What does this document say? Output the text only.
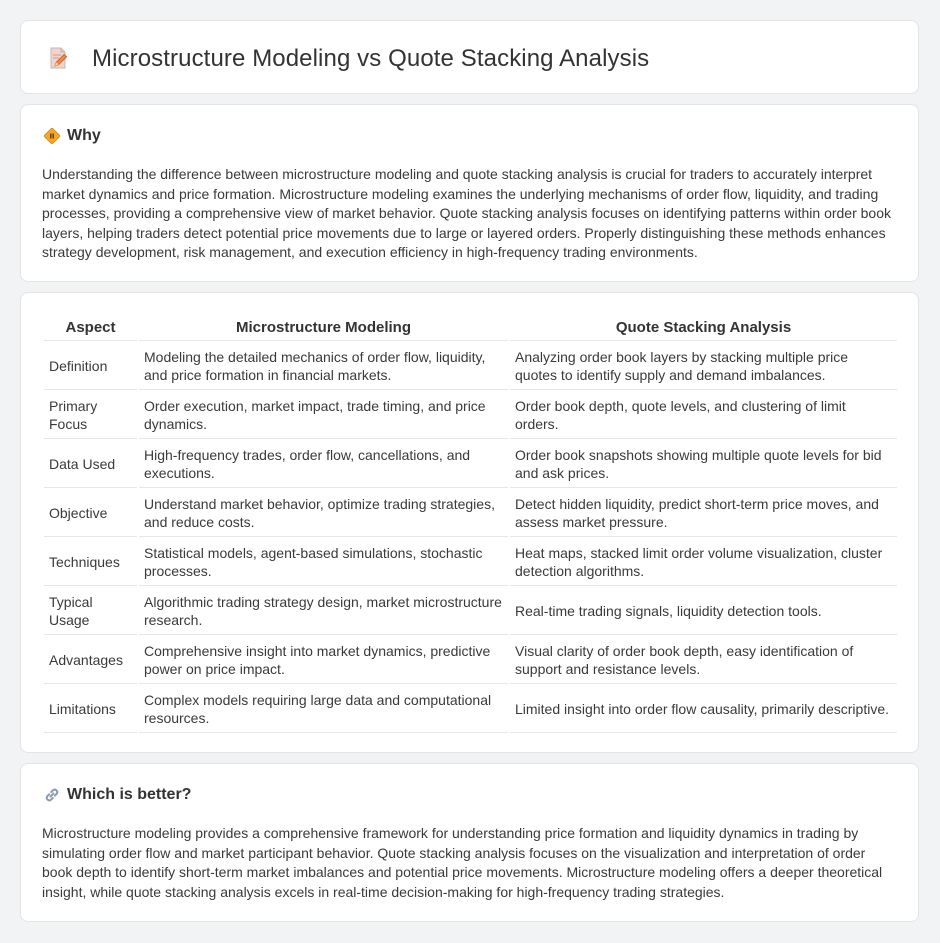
Microstructure Modeling vs Quote Stacking Analysis
Why

Understanding the difference between microstructure modeling and quote stacking analysis is crucial for traders to accurately interpret market dynamics and price formation. Microstructure modeling examines the underlying mechanisms of order flow, liquidity, and trading processes, providing a comprehensive view of market behavior. Quote stacking analysis focuses on identifying patterns within order book layers, helping traders detect potential price movements due to large or layered orders. Properly distinguishing these methods enhances strategy development, risk management, and execution efficiency in high-frequency trading environments.

Aspect	Microstructure Modeling	Quote Stacking Analysis
Definition	Modeling the detailed mechanics of order flow, liquidity, and price formation in financial markets.	Analyzing order book layers by stacking multiple price quotes to identify supply and demand imbalances.
Primary Focus	Order execution, market impact, trade timing, and price dynamics.	Order book depth, quote levels, and clustering of limit orders.
Data Used	High-frequency trades, order flow, cancellations, and executions.	Order book snapshots showing multiple quote levels for bid and ask prices.
Objective	Understand market behavior, optimize trading strategies, and reduce costs.	Detect hidden liquidity, predict short-term price moves, and assess market pressure.
Techniques	Statistical models, agent-based simulations, stochastic processes.	Heat maps, stacked limit order volume visualization, cluster detection algorithms.
Typical Usage	Algorithmic trading strategy design, market microstructure research.	Real-time trading signals, liquidity detection tools.
Advantages	Comprehensive insight into market dynamics, predictive power on price impact.	Visual clarity of order book depth, easy identification of support and resistance levels.
Limitations	Complex models requiring large data and computational resources.	Limited insight into order flow causality, primarily descriptive.
Which is better?

Microstructure modeling provides a comprehensive framework for understanding price formation and liquidity dynamics in trading by simulating order flow and market participant behavior. Quote stacking analysis focuses on the visualization and interpretation of order book depth to identify short-term market imbalances and potential price movements. Microstructure modeling offers a deeper theoretical insight, while quote stacking analysis excels in real-time decision-making for high-frequency trading strategies.
